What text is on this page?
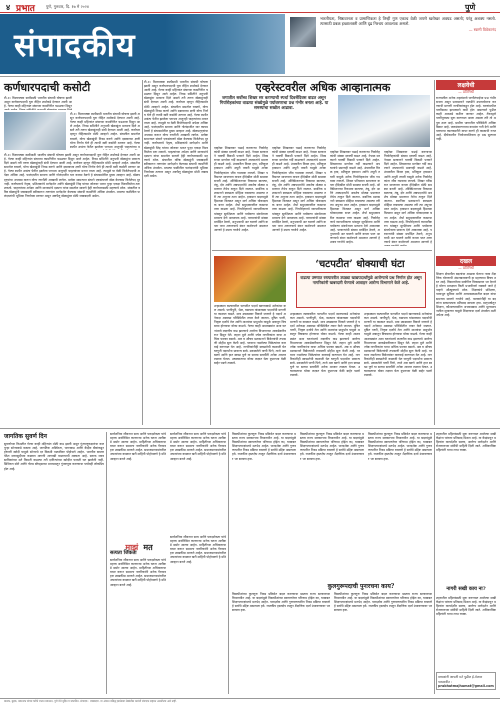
४ प्रभात	पुणे, गुरुवार, दि. १७ मे २०२४	पुणे
संपादकीय
भारतीयता, निष्ठावानता व प्रामाणिकता हे तिन्ही गुण एकाच वेळी जपणे खरोखर अवघड असतो; परंतु अशक्य नसतो. त्यासाठी प्रबळ इच्छाशक्ती आणि दृढ निश्चय आवश्यक असतो.
— स्वामी विवेकानंद
कर्णधारपदाची कसोटी
टी-२० विश्वचषक स्पर्धेसाठी भारतीय संघाची घोषणा झाली असून कर्णधारपदाची धुरा रोहित शर्माकडे देण्यात आली आहे. गेल्या काही महिन्यांत संघाच्या कामगिरीत चढउतार दिसून
टी-२० विश्वचषक स्पर्धेसाठी भारतीय संघाची घोषणा झाली असून कर्णधारपदाची धुरा रोहित शर्माकडे देण्यात आली आहे. गेल्या काही महिन्यांत संघाच्या कामगिरीत चढउतार दिसून आले आहेत. निवड समितीने अनुभवी खेळाडूंना प्राधान्य दिले असले तरी तरुण खेळाडूंनाही संधी देण्यात आली आहे. कर्णधार म्हणून रोहितसमोर मोठी आव्हाने आहेत. संघातील समतोल राखणे, योग्य खेळाडूंची निवड करणे आणि दबावाच्या क्षणी योग्य निर्णय घेणे ही त्याची खरी कसोटी ठरणार आहे. गेल्या स्पर्धेत उपांत्य फेरीत झालेला पराभव अजूनही चाहत्यांच्या म
टी-२० विश्वचषक स्पर्धेसाठी भारतीय संघाची घोषणा झाली असून कर्णधारपदाची धुरा रोहित शर्माकडे देण्यात आली आहे. गेल्या काही महिन्यांत संघाच्या कामगिरीत चढउतार दिसून आले आहेत. निवड समितीने अनुभवी खेळाडूंना प्राधान्य दिले असले तरी तरुण खेळाडूंनाही संधी देण्यात आली आहे. कर्णधार म्हणून रोहितसमोर मोठी आव्हाने आहेत. संघातील समतोल राखणे, योग्य खेळाडूंची निवड करणे आणि दबावाच्या क्षणी योग्य निर्णय घेणे ही त्याची खरी कसोटी ठरणार आहे. गेल्या स्पर्धेत उपांत्य फेरीत झालेला पराभव अजूनही चाहत्यांच्या मनात ताजा आहे. त्यामुळे या वेळी विजेतेपदाची अपेक्षा अधिक आहे. फलंदाजीत सातत्य आणि गोलंदाजीत धार कायम ठेवणे हे संघासमोरील मुख्य आव्हान आहे. खेळपट्ट्यांचा अभ्यास करून योग्य रणनीती आखावी लागेल. प्रत्येक सामन्यात संघाने एकसंघपणे खेळ केल्यास विजेतेपद दूर नाही. कर्णधाराचे नेतृत्व, प्रशिक्षकांचे मार्गदर्शन आणि खेळाडूंची जिद्द यांच्या जोरावर भारत पुन्हा एकदा विश्वविजेता ठरू शकतो. चाहत्यांच्या अपेक्षा आणि माध्यमांचे दडपण यांचा समतोल साधणे हेही कर्णधारासाठी महत्त्वाचे ठरेल. संघातील वरिष्ठ खेळाडूंनी जबाबदारी स्वीकारून तरुणांना मार्गदर्शन केल्यास संघाची कामगिरी अधिक उंचावेल. मधल्या फळीतील फलंदाजांची भूमिका निर्णायक ठरणार असून अष्टपैलू खेळाडूंवर मोठी जबाबदारी असेल.
टी-२० विश्वचषक स्पर्धेसाठी भारतीय संघाची घोषणा झाली असून कर्णधारपदाची धुरा रोहित शर्माकडे देण्यात आली आहे. गेल्या काही महिन्यांत संघाच्या कामगिरीत चढउतार दिसून आले आहेत. निवड समितीने अनुभवी खेळाडूंना प्राधान्य दिले असले तरी तरुण खेळाडूंनाही संधी देण्यात आली आहे. कर्णधार म्हणून रोहितसमोर मोठी आव्हाने आहेत. संघातील समतोल राखणे, योग्य खेळाडूंची निवड करणे आणि दबावाच्या क्षणी योग्य निर्णय घेणे ही त्याची खरी कसोटी ठरणार आहे. गेल्या स्पर्धेत उपांत्य फेरीत झालेला पराभव अजूनही चाहत्यांच्या मनात ताजा आहे. त्यामुळे या वेळी विजेतेपदाची अपेक्षा अधिक आहे. फलंदाजीत सातत्य आणि गोलंदाजीत धार कायम ठेवणे हे संघासमोरील मुख्य आव्हान आहे. खेळपट्ट्यांचा अभ्यास करून योग्य रणनीती आखावी लागेल. प्रत्येक सामन्यात संघाने एकसंघपणे खेळ केल्यास विजेतेपद दूर नाही. कर्णधाराचे नेतृत्व, प्रशिक्षकांचे मार्गदर्शन आणि खेळाडूंची जिद्द यांच्या जोरावर भारत पुन्हा एकदा विश्वविजेता ठरू शकतो. चाहत्यांच्या अपेक्षा आणि माध्यमांचे दडपण यांचा समतोल साधणे हेही कर्णधारासाठी महत्त्वाचे ठरेल. संघातील वरिष्ठ खेळाडूंनी जबाबदारी स्वीकारून तरुणांना मार्गदर्शन केल्यास संघाची कामगिरी अधिक उंचावेल. मधल्या फळीतील फलंदाजांची भूमिका निर्णायक ठरणार असून अष्टपैलू खेळाडूंवर मोठी जबाबदारी असेल.
एव्हरेस्टवरील अधिक आव्हानात्मक
जगातील सर्वोच्च शिखर सर करण्याची स्पर्धा दिवसेंदिवस वाढत असून गिर्यारोहकांच्या वाढत्या संख्येमुळे पर्यावरणाचा प्रश्न गंभीर बनला आहे. या समस्यांचा सखोल आढावा.
एव्हरेस्ट शिखरावर चढाई करणाऱ्या गिर्यारोहकांची संख्या दरवर्षी वाढत आहे. नेपाळ सरकारने यावर्षी विक्रमी परवाने दिले आहेत. शिखराच्या मार्गावर गर्दी वाढल्याने अपघातांचे प्रमाणही वाढले आहे. उंचावरील विरळ हवा, प्रतिकूल हवामान आणि अपुरी तयारी यामुळे अनेक गिर्यारोहकांना जीव गमवावा लागतो. शिखर परिसरात साचणारा कचरा हीदेखील मोठी समस्या बनली आहे. ऑक्सिजनच्या रिकाम्या बाटल्या, तंबू, दोर आणि अन्नपदार्थांचे अवशेष मोठ्या प्रमाणात तेथेच टाकून दिले जातात. स्थानिक प्रशासनाने स्वच्छता मोहिमा राबवल्या असल्या तरी त्या अपुऱ्या ठरत आहेत. हवामान बदलामुळे हिमनद्या वितळत असून मार्ग अधिक धोकादायक बनत आहेत. शेर्पा समुदायावरील कामाचा ताण वाढला आहे. गिर्यारोहणाचे व्यापारीकरण थांबवून सुरक्षितता आणि पर्यावरण संवर्धनाला प्राधान्य देणे आवश्यक आहे. परवान्यांची संख्या मर्यादित ठेवणे, अनुभवाची अट घालणे आणि कचरा परत आणण्याचे बंधन कठोरपणे अमलात आणणे हे उपाय गरजेचे आहेत.
एव्हरेस्ट शिखरावर चढाई करणाऱ्या गिर्यारोहकांची संख्या दरवर्षी वाढत आहे. नेपाळ सरकारने यावर्षी विक्रमी परवाने दिले आहेत. शिखराच्या मार्गावर गर्दी वाढल्याने अपघातांचे प्रमाणही वाढले आहे. उंचावरील विरळ हवा, प्रतिकूल हवामान आणि अपुरी तयारी यामुळे अनेक गिर्यारोहकांना जीव गमवावा लागतो. शिखर परिसरात साचणारा कचरा हीदेखील मोठी समस्या बनली आहे. ऑक्सिजनच्या रिकाम्या बाटल्या, तंबू, दोर आणि अन्नपदार्थांचे अवशेष मोठ्या प्रमाणात तेथेच टाकून दिले जातात. स्थानिक प्रशासनाने स्वच्छता मोहिमा राबवल्या असल्या तरी त्या अपुऱ्या ठरत आहेत. हवामान बदलामुळे हिमनद्या वितळत असून मार्ग अधिक धोकादायक बनत आहेत. शेर्पा समुदायावरील कामाचा ताण वाढला आहे. गिर्यारोहणाचे व्यापारीकरण थांबवून सुरक्षितता आणि पर्यावरण संवर्धनाला प्राधान्य देणे आवश्यक आहे. परवान्यांची संख्या मर्यादित ठेवणे, अनुभवाची अट घालणे आणि कचरा परत आणण्याचे बंधन कठोरपणे अमलात आणणे हे उपाय गरजेचे आहेत.
एव्हरेस्ट शिखरावर चढाई करणाऱ्या गिर्यारोहकांची संख्या दरवर्षी वाढत आहे. नेपाळ सरकारने यावर्षी विक्रमी परवाने दिले आहेत. शिखराच्या मार्गावर गर्दी वाढल्याने अपघातांचे प्रमाणही वाढले आहे. उंचावरील विरळ हवा, प्रतिकूल हवामान आणि अपुरी तयारी यामुळे अनेक गिर्यारोहकांना जीव गमवावा लागतो. शिखर परिसरात साचणारा कचरा हीदेखील मोठी समस्या बनली आहे. ऑक्सिजनच्या रिकाम्या बाटल्या, तंबू, दोर आणि अन्नपदार्थांचे अवशेष मोठ्या प्रमाणात तेथेच टाकून दिले जातात. स्थानिक प्रशासनाने स्वच्छता मोहिमा राबवल्या असल्या तरी त्या अपुऱ्या ठरत आहेत. हवामान बदलामुळे हिमनद्या वितळत असून मार्ग अधिक धोकादायक बनत आहेत. शेर्पा समुदायावरील कामाचा ताण वाढला आहे. गिर्यारोहणाचे व्यापारीकरण थांबवून सुरक्षितता आणि पर्यावरण संवर्धनाला प्राधान्य देणे आवश्यक आहे. परवान्यांची संख्या मर्यादित ठेवणे, अनुभवाची अट घालणे आणि कचरा परत आणण्याचे बंधन कठोरपणे अमलात आणणे हे उपाय गरजेचे आहेत.
एव्हरेस्ट शिखरावर चढाई करणाऱ्या गिर्यारोहकांची संख्या दरवर्षी वाढत आहे. नेपाळ सरकारने यावर्षी विक्रमी परवाने दिले आहेत. शिखराच्या मार्गावर गर्दी वाढल्याने अपघातांचे प्रमाणही वाढले आहे. उंचावरील विरळ हवा, प्रतिकूल हवामान आणि अपुरी तयारी यामुळे अनेक गिर्यारोहकांना जीव गमवावा लागतो. शिखर परिसरात साचणारा कचरा हीदेखील मोठी समस्या बनली आहे. ऑक्सिजनच्या रिकाम्या बाटल्या, तंबू, दोर आणि अन्नपदार्थांचे अवशेष मोठ्या प्रमाणात तेथेच टाकून दिले जातात. स्थानिक प्रशासनाने स्वच्छता मोहिमा राबवल्या असल्या तरी त्या अपुऱ्या ठरत आहेत. हवामान बदलामुळे हिमनद्या वितळत असून मार्ग अधिक धोकादायक बनत आहेत. शेर्पा समुदायावरील कामाचा ताण वाढला आहे. गिर्यारोहणाचे व्यापारीकरण थांबवून सुरक्षितता आणि पर्यावरण संवर्धनाला प्राधान्य देणे आवश्यक आहे. परवान्यांची संख्या मर्यादित ठेवणे, अनुभवाची अट घालणे आणि कचरा परत आणण्याचे बंधन कठोरपणे अमलात आणणे हे
लक्षवेधी
— प्रतिनिधी
राज्यातील अनेक शहरांमध्ये पाणीटंचाईचा प्रश्न गंभीर बनला असून प्रशासनाने तातडीने उपाययोजना करण्याची मागणी नागरिकांकडून होत आहे. धरणांमधील पाणीसाठा झपाट्याने कमी होत असल्याने पुढील काही आठवडे कठीण जाणार आहेत. टँकरद्वारे पाणीपुरवठा सुरू करण्यात आला असला तरी तो अपुरा ठरत आहे. ग्रामीण भागातील परिस्थिती अधिक बिकट आहे. जलसंधारणाच्या कामांना गती देणे आणि पाण्याचा काटकसरीने वापर करणे ही काळाची गरज आहे. दीर्घकालीन नियोजनाशिवाय हा प्रश्न सुटणार नाही.
‘चटपटीत’ धोक्याची घंटा
वाढत्या उष्म्यात रस्त्यावरील उघड्या खाद्यपदार्थांमुळे आरोग्याचे प्रश्न निर्माण होत असून नागरिकांनी खबरदारी घेण्याचे आवाहन आरोग्य विभागाने केले आहे.
उन्हाळ्यात रस्त्यावरील चटपटीत पदार्थ खाण्याकडे अनेकांचा कल असतो. पाणीपुरी, भेळ, वडापाव यांसारख्या पदार्थांची मागणी या काळात वाढते. मात्र उघड्यावर विकले जाणारे हे पदार्थ अनेकदा अस्वच्छ परिस्थितीत तयार केले जातात. दूषित पाणी, निकृष्ट दर्जाचे तेल आणि माश्यांचा प्रादुर्भाव यामुळे अन्नातून विषबाधा होण्याचा धोका वाढतो. गेल्या काही आठवड्यांत अशा घटनांमध्ये लक्षणीय वाढ झाल्याचे आरोग्य विभागाच्या आकडेवारीवरून दिसून येते. लहान मुले आणि ज्येष्ठ नागरिकांना याचा अधिक फटका बसतो. अन्न व औषध प्रशासनाने विक्रेत्यांची तपासणी मोहीम सुरू केली आहे. परवाना नसलेल्या विक्रेत्यांवर कारवाई करण्यात येत आहे. नागरिकांनीही स्वच्छतेची काळजी घेत घरगुती पदार्थांना प्राधान्य द्यावे. उकळलेले पाणी पिणे, ताजे अन्न खाणे आणि हात स्वच्छ धुणे या साध्या सवयींनी अनेक आजार टाळता येतात. उष्माघाताचा धोका लक्षात घेता दुपारच्या वेळी बाहेर पडणे टाळावे.
उन्हाळ्यात रस्त्यावरील चटपटीत पदार्थ खाण्याकडे अनेकांचा कल असतो. पाणीपुरी, भेळ, वडापाव यांसारख्या पदार्थांची मागणी या काळात वाढते. मात्र उघड्यावर विकले जाणारे हे पदार्थ अनेकदा अस्वच्छ परिस्थितीत तयार केले जातात. दूषित पाणी, निकृष्ट दर्जाचे तेल आणि माश्यांचा प्रादुर्भाव यामुळे अन्नातून विषबाधा होण्याचा धोका वाढतो. गेल्या काही आठवड्यांत अशा घटनांमध्ये लक्षणीय वाढ झाल्याचे आरोग्य विभागाच्या आकडेवारीवरून दिसून येते. लहान मुले आणि ज्येष्ठ नागरिकांना याचा अधिक फटका बसतो. अन्न व औषध प्रशासनाने विक्रेत्यांची तपासणी मोहीम सुरू केली आहे. परवाना नसलेल्या विक्रेत्यांवर कारवाई करण्यात येत आहे. नागरिकांनीही स्वच्छतेची काळजी घेत घरगुती पदार्थांना प्राधान्य द्यावे. उकळलेले पाणी पिणे, ताजे अन्न खाणे आणि हात स्वच्छ धुणे या साध्या सवयींनी अनेक आजार टाळता येतात. उष्माघाताचा धोका लक्षात घेता दुपारच्या वेळी बाहेर पडणे टाळावे.
उन्हाळ्यात रस्त्यावरील चटपटीत पदार्थ खाण्याकडे अनेकांचा कल असतो. पाणीपुरी, भेळ, वडापाव यांसारख्या पदार्थांची मागणी या काळात वाढते. मात्र उघड्यावर विकले जाणारे हे पदार्थ अनेकदा अस्वच्छ परिस्थितीत तयार केले जातात. दूषित पाणी, निकृष्ट दर्जाचे तेल आणि माश्यांचा प्रादुर्भाव यामुळे अन्नातून विषबाधा होण्याचा धोका वाढतो. गेल्या काही आठवड्यांत अशा घटनांमध्ये लक्षणीय वाढ झाल्याचे आरोग्य विभागाच्या आकडेवारीवरून दिसून येते. लहान मुले आणि ज्येष्ठ नागरिकांना याचा अधिक फटका बसतो. अन्न व औषध प्रशासनाने विक्रेत्यांची तपासणी मोहीम सुरू केली आहे. परवाना नसलेल्या विक्रेत्यांवर कारवाई करण्यात येत आहे. नागरिकांनीही स्वच्छतेची काळजी घेत घरगुती पदार्थांना प्राधान्य द्यावे. उकळलेले पाणी पिणे, ताजे अन्न खाणे आणि हात स्वच्छ धुणे या साध्या सवयींनी अनेक आजार टाळता येतात. उष्माघाताचा धोका लक्षात घेता दुपारच्या वेळी बाहेर पडणे टाळावे.
दखल
— प्रतिनिधी
शिक्षण क्षेत्रातील बदलांचा आढावा घेताना नव्या शैक्षणिक धोरणाची अंमलबजावणी हा महत्त्वाचा विषय ठरत आहे. विद्यार्थ्यांच्या सर्वांगीण विकासावर भर देणारे हे धोरण प्रत्यक्षात किती प्रभावीपणे राबवले जाते हे पाहणे औत्सुक्याचे ठरेल. शिक्षकांचे प्रशिक्षण, पायाभूत सुविधा आणि अभ्यासक्रमातील बदल यांचा समन्वय साधणे गरजेचे आहे. पालकांनीही या बदलांना सकारात्मक प्रतिसाद द्यायला हवा. मातृभाषेतून शिक्षण, कौशल्याधारित अभ्यासक्रम आणि मूल्यमापनातील सुधारणा यामुळे शिक्षणाचा दर्जा उंचावेल अशी अपेक्षा आहे.
जागतिक सुवर्ण दिन
सुवर्णाच्या किमतीत गेल्या काही महिन्यांत मोठी वाढ झाली असून गुंतवणूकदारांचा कल पुन्हा सोन्याकडे वळला आहे. जागतिक अस्थिरता, चलनवाढ आणि केंद्रीय बँकांकडून होणारी खरेदी यामुळे सोन्याचे दर विक्रमी पातळीवर पोहोचले आहेत. भारतीय बाजारपेठेत सणासुदीच्या काळात मागणी आणखी वाढण्याची शक्यता आहे. सराफ व्यावसायिकांच्या मते किमती वाढल्या तरी दागिन्यांच्या खरेदीत फारशी घट झालेली नाही. डिजिटल सोने आणि गोल्ड बॉण्ड्सच्या माध्यमातून गुंतवणूक करण्याचा पर्यायही लोकप्रिय होत आहे.
सार्वजनिक जीवनात सत्य आणि पारदर्शकता यांचे महत्त्व अधोरेखित करणाऱ्या अनेक घटना अलीकडे समोर आल्या आहेत. माहितीच्या अधिकाराचा वापर करून सामान्य नागरिकांनी अनेक गैरव्यवहार उघडकीस आणले आहेत. समाजमाध्यमांवरील अफवांच्या काळात खरी माहिती पोहोचवणे हे मोठे आव्हान बनले आहे.
सार्वजनिक जीवनात सत्य आणि पारदर्शकता यांचे महत्त्व अधोरेखित करणाऱ्या अनेक घटना अलीकडे समोर आल्या आहेत. माहितीच्या अधिकाराचा वापर करून सामान्य नागरिकांनी अनेक गैरव्यवहार उघडकीस आणले आहेत. समाजमाध्यमांवरील अफवांच्या काळात खरी माहिती पोहोचवणे हे मोठे आव्हान बनले आहे.
माझं मत
सत्यता जिंकता
सार्वजनिक जीवनात सत्य आणि पारदर्शकता यांचे महत्त्व अधोरेखित करणाऱ्या अनेक घटना अलीकडे समोर आल्या आहेत. माहितीच्या अधिकाराचा वापर करून सामान्य नागरिकांनी अनेक गैरव्यवहार उघडकीस आणले आहेत. समाजमाध्यमांवरील अफवांच्या काळात खरी माहिती पोहोचवणे हे मोठे आव्हान बनले आहे.
सार्वजनिक जीवनात सत्य आणि पारदर्शकता यांचे महत्त्व अधोरेखित करणाऱ्या अनेक घटना अलीकडे समोर आल्या आहेत. माहितीच्या अधिकाराचा वापर करून सामान्य नागरिकांनी अनेक गैरव्यवहार उघडकीस आणले आहेत. समाजमाध्यमांवरील अफवांच्या काळात खरी माहिती पोहोचवणे हे मोठे आव्हान बनले आहे.
विद्यापीठांच्या कुलगुरू निवड प्रक्रियेत बदल करण्याचा प्रस्ताव राज्य सरकारच्या विचाराधीन आहे. या बदलांमुळे विद्यापीठांच्या स्वायत्ततेवर परिणाम होईल का, याबाबत शिक्षणतज्ज्ञांमध्ये मतभेद आहेत. पारदर्शक आणि गुणवत्ताधारित निवड प्रक्रिया राबवणे हे सर्वांचे उद्दिष्ट असायला हवे. राजकीय हस्तक्षेप टाळून शैक्षणिक दर्जा उंचावण्यावर भर द्यायला हवा.
विद्यापीठांच्या कुलगुरू निवड प्रक्रियेत बदल करण्याचा प्रस्ताव राज्य सरकारच्या विचाराधीन आहे. या बदलांमुळे विद्यापीठांच्या स्वायत्ततेवर परिणाम होईल का, याबाबत शिक्षणतज्ज्ञांमध्ये मतभेद आहेत. पारदर्शक आणि गुणवत्ताधारित निवड प्रक्रिया राबवणे हे सर्वांचे उद्दिष्ट असायला हवे. राजकीय हस्तक्षेप टाळून शैक्षणिक दर्जा उंचावण्यावर भर द्यायला हवा.
विद्यापीठांच्या कुलगुरू निवड प्रक्रियेत बदल करण्याचा प्रस्ताव राज्य सरकारच्या विचाराधीन आहे. या बदलांमुळे विद्यापीठांच्या स्वायत्ततेवर परिणाम होईल का, याबाबत शिक्षणतज्ज्ञांमध्ये मतभेद आहेत. पारदर्शक आणि गुणवत्ताधारित निवड प्रक्रिया राबवणे हे सर्वांचे उद्दिष्ट असायला हवे. राजकीय हस्तक्षेप टाळून शैक्षणिक दर्जा उंचावण्यावर भर द्यायला हवा.
कुलगुरूपदाची पुनःरचना काय?
विद्यापीठांच्या कुलगुरू निवड प्रक्रियेत बदल करण्याचा प्रस्ताव राज्य सरकारच्या विचाराधीन आहे. या बदलांमुळे विद्यापीठांच्या स्वायत्ततेवर परिणाम होईल का, याबाबत शिक्षणतज्ज्ञांमध्ये मतभेद आहेत. पारदर्शक आणि गुणवत्ताधारित निवड प्रक्रिया राबवणे हे सर्वांचे उद्दिष्ट असायला हवे. राजकीय हस्तक्षेप टाळून शैक्षणिक दर्जा उंचावण्यावर भर द्यायला हवा.
विद्यापीठांच्या कुलगुरू निवड प्रक्रियेत बदल करण्याचा प्रस्ताव राज्य सरकारच्या विचाराधीन आहे. या बदलांमुळे विद्यापीठांच्या स्वायत्ततेवर परिणाम होईल का, याबाबत शिक्षणतज्ज्ञांमध्ये मतभेद आहेत. पारदर्शक आणि गुणवत्ताधारित निवड प्रक्रिया राबवणे हे सर्वांचे उद्दिष्ट असायला हवे. राजकीय हस्तक्षेप टाळून शैक्षणिक दर्जा उंचावण्यावर भर द्यायला हवा.
शहरातील महिलांसाठी सुरू करण्यात आलेल्या सखी केंद्रांना चांगला प्रतिसाद मिळत आहे. या केंद्रांमधून महिलांना कायदेशीर सल्ला, आरोग्य मार्गदर्शन आणि रोजगाराच्या संधींची माहिती दिली जाते. अधिकाधिक महिलांनी याचा लाभ घ्यावा.
नागरी सखी काय ना?
शहरातील महिलांसाठी सुरू करण्यात आलेल्या सखी केंद्रांना चांगला प्रतिसाद मिळत आहे. या केंद्रांमधून महिलांना कायदेशीर सल्ला, आरोग्य मार्गदर्शन आणि रोजगाराच्या संधींची माहिती दिली जाते. अधिकाधिक महिलांनी याचा लाभ घ्यावा.
वाचकांनी आपली मते पुढील ई-मेलवर पाठवावीत :
prabhatmajhamat@gmail.com
मालक, मुद्रक, प्रकाशक यांच्या वतीने प्रभात प्रकाशन, पुणे येथे मुद्रित व प्रकाशित. संपादक : जबाबदार. या अंकात प्रसिद्ध झालेल्या लेखांतील मतांशी संपादक सहमत असतीलच असे नाही.
